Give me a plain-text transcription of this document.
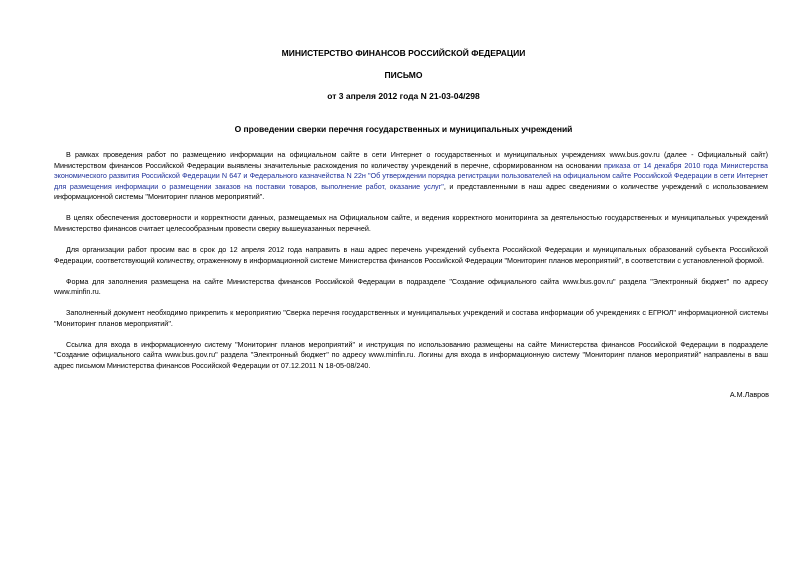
МИНИСТЕРСТВО ФИНАНСОВ РОССИЙСКОЙ ФЕДЕРАЦИИ
ПИСЬМО
от 3 апреля 2012 года N 21-03-04/298
О проведении сверки перечня государственных и муниципальных учреждений

В рамках проведения работ по размещению информации на официальном сайте в сети Интернет о государственных и муниципальных учреждениях www.bus.gov.ru (далее - Официальный сайт) Министерством финансов Российской Федерации выявлены значительные расхождения по количеству учреждений в перечне, сформированном на основании приказа от 14 декабря 2010 года Министерства экономического развития Российской Федерации N 647 и Федерального казначейства N 22н "Об утверждении порядка регистрации пользователей на официальном сайте Российской Федерации в сети Интернет для размещения информации о размещении заказов на поставки товаров, выполнение работ, оказание услуг", и представленными в наш адрес сведениями о количестве учреждений с использованием информационной системы "Мониторинг планов мероприятий".

В целях обеспечения достоверности и корректности данных, размещаемых на Официальном сайте, и ведения корректного мониторинга за деятельностью государственных и муниципальных учреждений Министерство финансов считает целесообразным провести сверку вышеуказанных перечней.

Для организации работ просим вас в срок до 12 апреля 2012 года направить в наш адрес перечень учреждений субъекта Российской Федерации и муниципальных образований субъекта Российской Федерации, соответствующий количеству, отраженному в информационной системе Министерства финансов Российской Федерации "Мониторинг планов мероприятий", в соответствии с установленной формой.

Форма для заполнения размещена на сайте Министерства финансов Российской Федерации в подразделе "Создание официального сайта www.bus.gov.ru" раздела "Электронный бюджет" по адресу www.minfin.ru.

Заполненный документ необходимо прикрепить к мероприятию "Сверка перечня государственных и муниципальных учреждений и состава информации об учреждениях с ЕГРЮЛ" информационной системы "Мониторинг планов мероприятий".

Ссылка для входа в информационную систему "Мониторинг планов мероприятий" и инструкция по использованию размещены на сайте Министерства финансов Российской Федерации в подразделе "Создание официального сайта www.bus.gov.ru" раздела "Электронный бюджет" по адресу www.minfin.ru. Логины для входа в информационную систему "Мониторинг планов мероприятий" направлены в ваш адрес письмом Министерства финансов Российской Федерации от 07.12.2011 N 18-05-08/240.

А.М.Лавров
